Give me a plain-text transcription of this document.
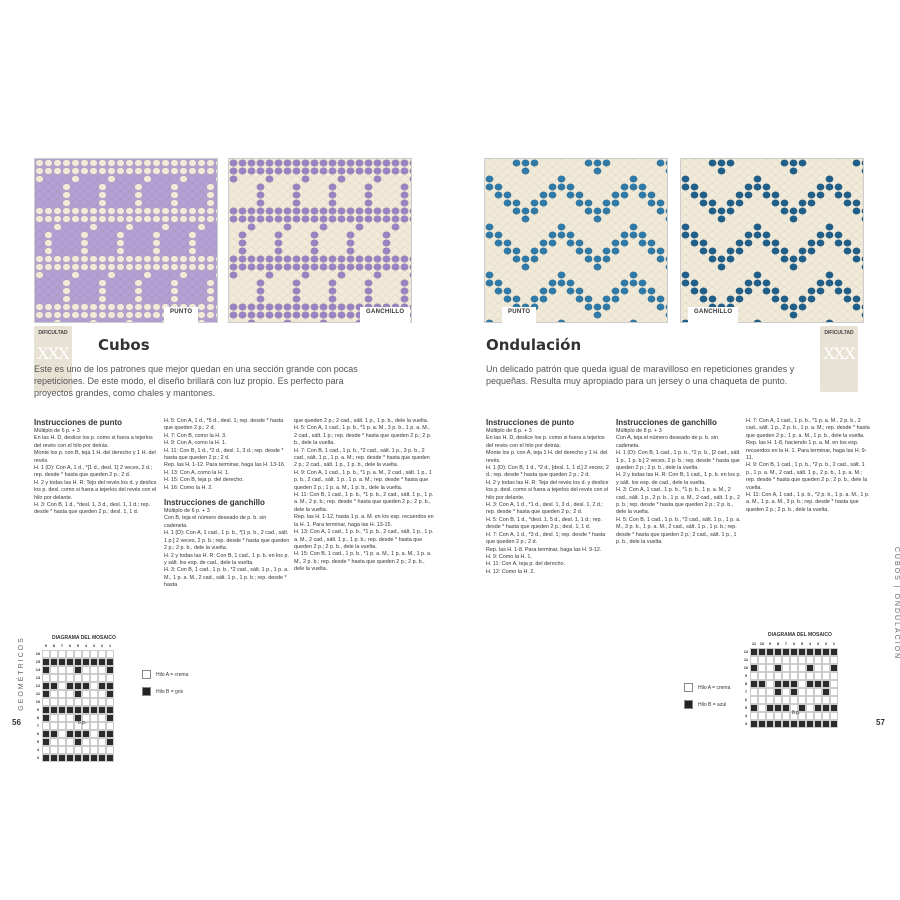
PUNTO	GANCHILLO
DIFICULTAD
XXX Cubos
Este es uno de los patrones que mejor quedan en una sección grande con pocas repeticiones. De este modo, el diseño brillará con luz propio. Es perfecto para proyectos grandes, como chales y mantones.
Instrucciones de punto

Múltiplo de 6 p. + 3
En las H. D, deslice los p. como si fuera a tejerlos del revés con el hilo por detrás.
Monte los p. con B, teja 1 H. del derecho y 1 H. del revés.
H. 1 (D): Con A, 1 d., *[1 d., desl. 1] 2 veces, 2 d.; rep. desde * hasta que queden 2 p.; 2 d.
H. 2 y todas las H. R: Tejo del revés los d. y deslice los p. desl. como si fuera a tejerlos del revés con el hilo por delante.
H. 3: Con B, 1 d., *desl. 1, 3 d., desl. 1, 1 d.; rep. desde * hasta que queden 2 p.; desl. 1, 1 d.

H. 5: Con A, 1 d., *5 d., desl. 1; rep. desde * hasta que queden 2 p.; 2 d.
H. 7: Con B, como la H. 3.
H. 9: Con A, como la H. 1.
H. 11: Con B, 1 d., *2 d., desl. 1, 3 d.; rep. desde * hasta que queden 2 p.; 2 d.
Rep. las H. 1-12. Para terminar, haga las H. 13-16.
H. 13: Con A, como la H. 1.
H. 15: Con B, teja p. del derecho.
H. 16: Como la H. 2.

Instrucciones de ganchillo

Múltiplo de 6 p. + 3
Con B, teja el número deseado de p. b. sin cadeneta.
H. 1 (D): Con A, 1 cad., 1 p. b., *[1 p. b., 2 cad., sált. 1 p.] 2 veces, 2 p. b.; rep. desde * hasta que queden 2 p.; 2 p. b., dele la vuelta.
H. 2 y todas las H. R: Con B, 1 cad., 1 p. b. en los p. y sált. los esp. de cad., dele la vuelta.
H. 3: Con B, 1 cad., 1 p. b., *2 cad., sált. 1 p., 1 p. a. M., 1 p. a. M., 2 cad., sált. 1 p., 1 p. b.; rep. desde * hasta

que queden 2 p.; 2 cad., sált. 1 p., 1 p. b., dele la vuelta.
H. 5: Con A, 1 cad., 1 p. b., *1 p. a. M., 3 p. b., 1 p. a. M., 2 cad., sált. 1 p.; rep. desde * hasta que queden 2 p.; 2 p. b., dele la vuelta.
H. 7: Con B, 1 cad., 1 p. b., *2 cad., sált. 1 p., 3 p. b., 2 cad., sált. 1 p., 1 p. a. M.; rep. desde * hasta que queden 2 p.; 2 cad., sált. 1 p., 1 p. b., dele la vuelta.
H. 9: Con A, 1 cad., 1 p. b., *1 p. a. M., 2 cad., sált. 1 p., 1 p. b., 2 cad., sált. 1 p., 1 p. a. M.; rep. desde * hasta que queden 2 p.; 1 p. a. M., 1 p. b., dele la vuelta.
H. 11: Con B, 1 cad., 1 p. b., *1 p. b., 2 cad., sált. 1 p., 1 p. a. M., 2 p. b.; rep. desde * hasta que queden 2 p.; 2 p. b., dele la vuelta.
Rep. las H. 1-12, hasta 1 p. a. M. en los esp. recuerdos en la H. 1. Para terminar, haga las H. 13-15.
H. 13: Con A, 1 cad., 1 p. b., *1 p. b., 2 cad., sált. 1 p., 1 p. a. M., 2 cad., sált. 1 p., 1 p. b.; rep. desde * hasta que queden 2 p.; 2 p. b., dele la vuelta.
H. 15: Con B, 1 cad., 1 p. b., *1 p. a. M., 1 p. a. M., 1 p. a. M., 2 p. b.; rep. desde * hasta que queden 2 p.; 2 p. b., dele la vuelta.

DIAGRAMA DEL MOSAICO
9	8	7	6	5	4	3	2	1
16
15
14
13
12
11
10
9
8
7
6
5
4
3
6 p.
Hilo A = crema
Hilo B = gris
PUNTO	GANCHILLO
DIFICULTAD
XXX
Ondulación
Un delicado patrón que queda igual de maravilloso en repeticiones grandes y pequeñas. Resulta muy apropiado para un jersey o una chaqueta de punto.
Instrucciones de punto

Múltiplo de 8 p. + 3
En las H. D, deslice los p. como si fuera a tejerlos del revés con el hilo por detrás.
Monte los p. con A, teja 1 H. del derecho y 1 H. del revés.
H. 1 (D): Con B, 1 d., *2 d., [desl. 1, 1 d.] 2 veces, 2 d.; rep. desde * hasta que queden 2 p.; 2 d.
H. 2 y todas las H. R: Teja del revés los d. y deslice los p. desl. como si fuera a tejerlos del revés con el hilo por delante.
H. 3: Con A, 1 d., *1 d., desl. 1, 3 d., desl. 1, 2 d.; rep. desde * hasta que queden 2 p.; 2 d.
H. 5: Con B, 1 d., *desl. 1, 5 d., desl. 1, 1 d.; rep. desde * hasta que queden 2 p.; desl. 1, 1 d.
H. 7: Con A, 1 d., *3 d., desl. 1; rep. desde * hasta que queden 2 p.; 2 d.
Rep. las H. 1-8. Para terminar, haga las H. 9-12.
H. 9: Como la H. 1.
H. 11: Con A, teja p. del derecho.
H. 12: Como la H. 2.

Instrucciones de ganchillo

Múltiplo de 8 p. + 3
Con A, teja el número deseado de p. b. sin cadeneta.
H. 1 (D): Con B, 1 cad., 1 p. b., *2 p. b., [2 cad., sált. 1 p., 1 p. b.] 2 veces, 2 p. b.; rep. desde * hasta que queden 2 p.; 2 p. b., dele la vuelta.
H. 2 y todas las H. R: Con B, 1 cad., 1 p. b. en los p. y sált. los esp. de cad., dele la vuelta.
H. 3: Con A, 1 cad., 1 p. b., *1 p. b., 1 p. a. M., 2 cad., sált. 1 p., 2 p. b., 1 p. a. M., 2 cad., sált. 1 p., 2 p. b.; rep. desde * hasta que queden 2 p.; 2 p. b., dele la vuelta.
H. 5: Con B, 1 cad., 1 p. b., *2 cad., sált. 1 p., 1 p. a. M., 3 p. b., 1 p. a. M., 2 cad., sált. 1 p., 1 p. b.; rep. desde * hasta que queden 2 p.; 2 cad., sált. 1 p., 1 p. b., dele la vuelta.

H. 7: Con A, 1 cad., 1 p. b., *1 p. a. M., 2 p. b., 2 cad., sált. 1 p., 2 p. b., 1 p. a. M.; rep. desde * hasta que queden 2 p.; 1 p. a. M., 1 p. b., dele la vuelta.
Rep. las H. 1-8, haciendo 1 p. a. M. en los esp. recuerdos en la H. 1. Para terminar, haga las H. 9-11.
H. 9: Con B, 1 cad., 1 p. b., *2 p. b., 2 cad., sált. 1 p., 1 p. a. M., 2 cad., sált. 1 p., 2 p. b., 1 p. a. M.; rep. desde * hasta que queden 2 p.; 2 p. b., dele la vuelta.
H. 11: Con A, 1 cad., 1 p. b., *2 p. b., 1 p. a. M., 1 p. a. M., 1 p. a. M., 3 p. b.; rep. desde * hasta que queden 2 p.; 2 p. b., dele la vuelta.

DIAGRAMA DEL MOSAICO
11 10	9	8	7	6	5	4	3	2	1
12
11
10
9
8
7
6
5
4
3
8 p.
Hilo A = crema
Hilo B = azul
56	57
GEOMÉTRICOS
CUBOS | ONDULACIÓN
